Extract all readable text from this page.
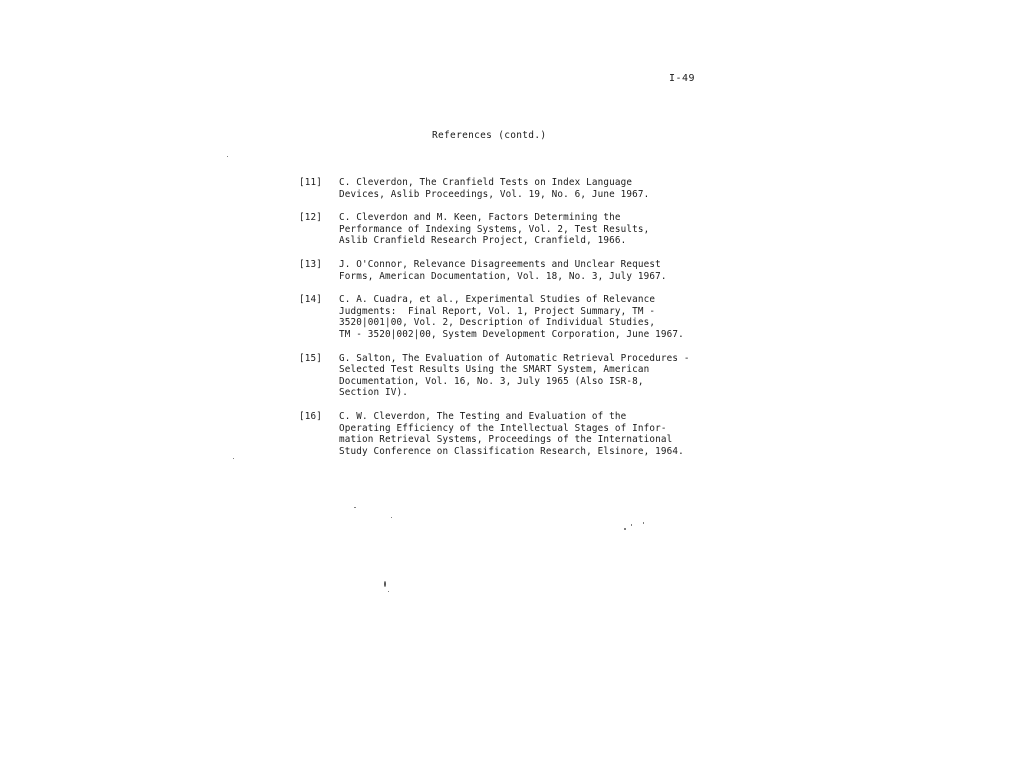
I-49
References (contd.)
[11] C. Cleverdon, The Cranfield Tests on Index Language
Devices, Aslib Proceedings, Vol. 19, No. 6, June 1967.
[12] C. Cleverdon and M. Keen, Factors Determining the
Performance of Indexing Systems, Vol. 2, Test Results,
Aslib Cranfield Research Project, Cranfield, 1966.
[13] J. O'Connor, Relevance Disagreements and Unclear Request
Forms, American Documentation, Vol. 18, No. 3, July 1967.
[14] C. A. Cuadra, et al., Experimental Studies of Relevance
Judgments:  Final Report, Vol. 1, Project Summary, TM -
3520|001|00, Vol. 2, Description of Individual Studies,
TM - 3520|002|00, System Development Corporation, June 1967.
[15] G. Salton, The Evaluation of Automatic Retrieval Procedures -
Selected Test Results Using the SMART System, American
Documentation, Vol. 16, No. 3, July 1965 (Also ISR-8,
Section IV).
[16] C. W. Cleverdon, The Testing and Evaluation of the
Operating Efficiency of the Intellectual Stages of Infor-
mation Retrieval Systems, Proceedings of the International
Study Conference on Classification Research, Elsinore, 1964.
